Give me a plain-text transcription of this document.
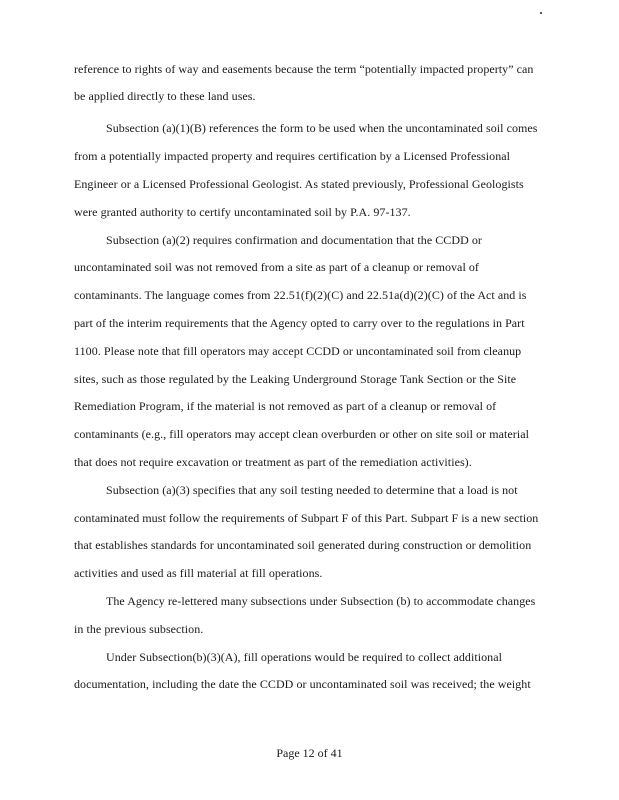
reference to rights of way and easements because the term “potentially impacted property” can
be applied directly to these land uses.
Subsection (a)(1)(B) references the form to be used when the uncontaminated soil comes
from a potentially impacted property and requires certification by a Licensed Professional
Engineer or a Licensed Professional Geologist. As stated previously, Professional Geologists
were granted authority to certify uncontaminated soil by P.A. 97-137.
Subsection (a)(2) requires confirmation and documentation that the CCDD or
uncontaminated soil was not removed from a site as part of a cleanup or removal of
contaminants. The language comes from 22.51(f)(2)(C) and 22.51a(d)(2)(C) of the Act and is
part of the interim requirements that the Agency opted to carry over to the regulations in Part
1100. Please note that fill operators may accept CCDD or uncontaminated soil from cleanup
sites, such as those regulated by the Leaking Underground Storage Tank Section or the Site
Remediation Program, if the material is not removed as part of a cleanup or removal of
contaminants (e.g., fill operators may accept clean overburden or other on site soil or material
that does not require excavation or treatment as part of the remediation activities).
Subsection (a)(3) specifies that any soil testing needed to determine that a load is not
contaminated must follow the requirements of Subpart F of this Part. Subpart F is a new section
that establishes standards for uncontaminated soil generated during construction or demolition
activities and used as fill material at fill operations.
The Agency re-lettered many subsections under Subsection (b) to accommodate changes
in the previous subsection.
Under Subsection(b)(3)(A), fill operations would be required to collect additional
documentation, including the date the CCDD or uncontaminated soil was received; the weight
Page 12 of 41
